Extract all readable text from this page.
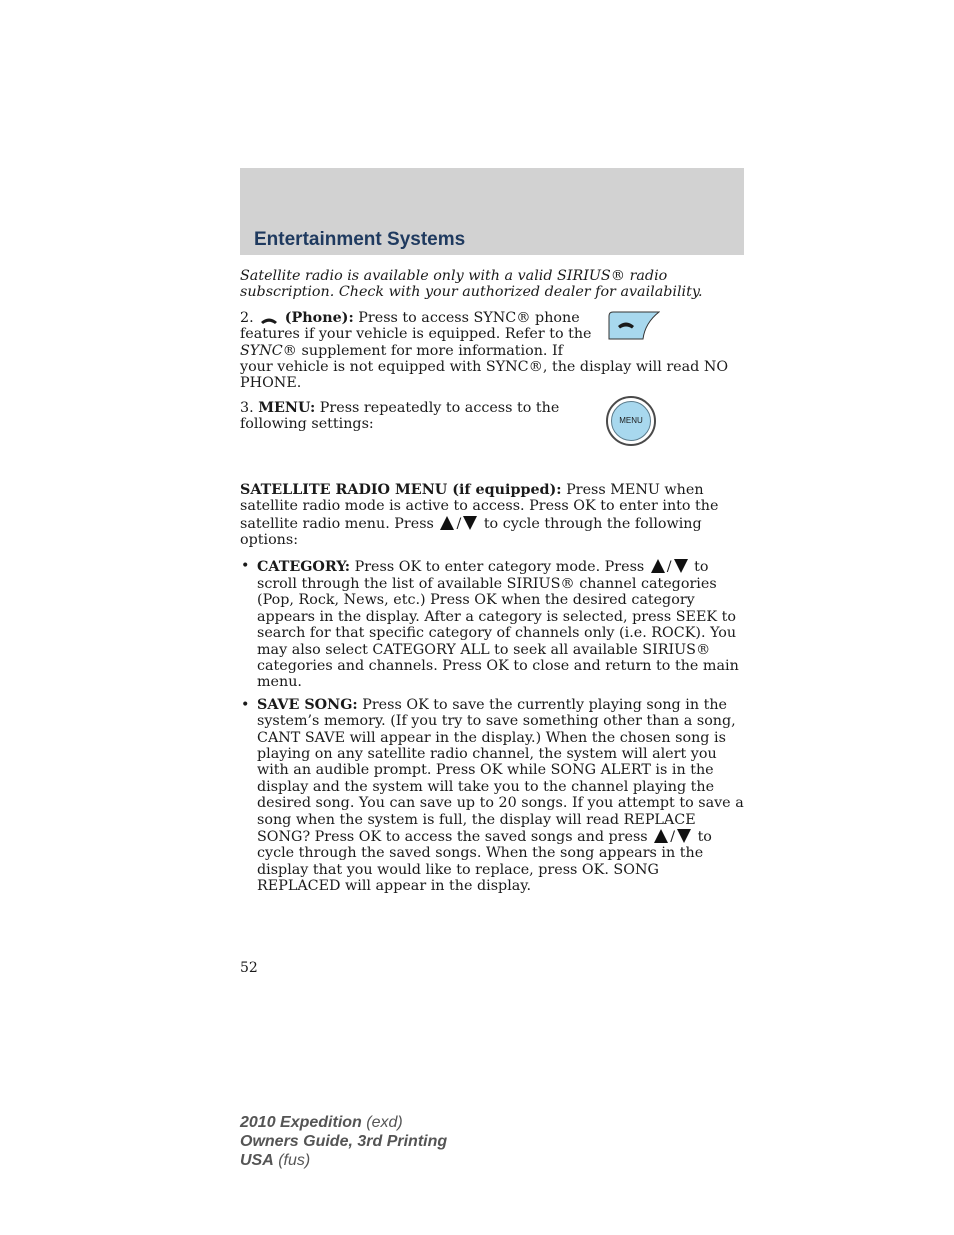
Entertainment Systems

Satellite radio is available only with a valid SIRIUS® radio subscription. Check with your authorized dealer for availability.

2. (Phone): Press to access SYNC® phone features if your vehicle is equipped. Refer to the SYNC® supplement for more information. If your vehicle is not equipped with SYNC®, the display will read NO PHONE.

MENU

3. MENU: Press repeatedly to access to the following settings:

SATELLITE RADIO MENU (if equipped): Press MENU when satellite radio mode is active to access. Press OK to enter into the satellite radio menu. Press / to cycle through the following options:

• CATEGORY: Press OK to enter category mode. Press / to scroll through the list of available SIRIUS® channel categories (Pop, Rock, News, etc.) Press OK when the desired category appears in the display. After a category is selected, press SEEK to search for that specific category of channels only (i.e. ROCK). You may also select CATEGORY ALL to seek all available SIRIUS® categories and channels. Press OK to close and return to the main menu.
• SAVE SONG: Press OK to save the currently playing song in the system’s memory. (If you try to save something other than a song, CANT SAVE will appear in the display.) When the chosen song is playing on any satellite radio channel, the system will alert you with an audible prompt. Press OK while SONG ALERT is in the display and the system will take you to the channel playing the desired song. You can save up to 20 songs. If you attempt to save a song when the system is full, the display will read REPLACE SONG? Press OK to access the saved songs and press / to cycle through the saved songs. When the song appears in the display that you would like to replace, press OK. SONG REPLACED will appear in the display.
52
2010 Expedition (exd)
Owners Guide, 3rd Printing
USA (fus)
